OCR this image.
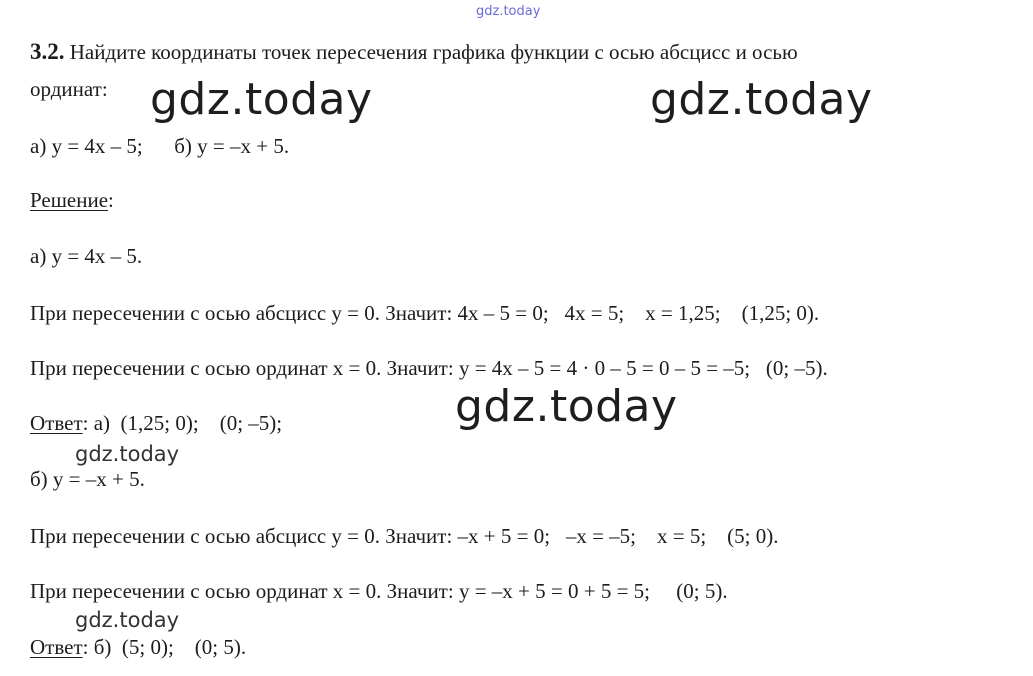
gdz.today
3.2. Найдите координаты точек пересечения графика функции с осью абсцисс и осью
ординат: gdz.today	gdz.today
а) y = 4x – 5;      б) y = –x + 5.
Решение:
а) y = 4x – 5.
При пересечении с осью абсцисс y = 0. Значит: 4x – 5 = 0;   4x = 5;    x = 1,25;    (1,25; 0).
При пересечении с осью ординат x = 0. Значит: y = 4x – 5 = 4 · 0 – 5 = 0 – 5 = –5;   (0; –5).
gdz.today
Ответ: а)  (1,25; 0);    (0; –5);
gdz.today
б) y = –x + 5.
При пересечении с осью абсцисс y = 0. Значит: –x + 5 = 0;   –x = –5;    x = 5;    (5; 0).
При пересечении с осью ординат x = 0. Значит: y = –x + 5 = 0 + 5 = 5;     (0; 5).
gdz.today
Ответ: б)  (5; 0);    (0; 5).
